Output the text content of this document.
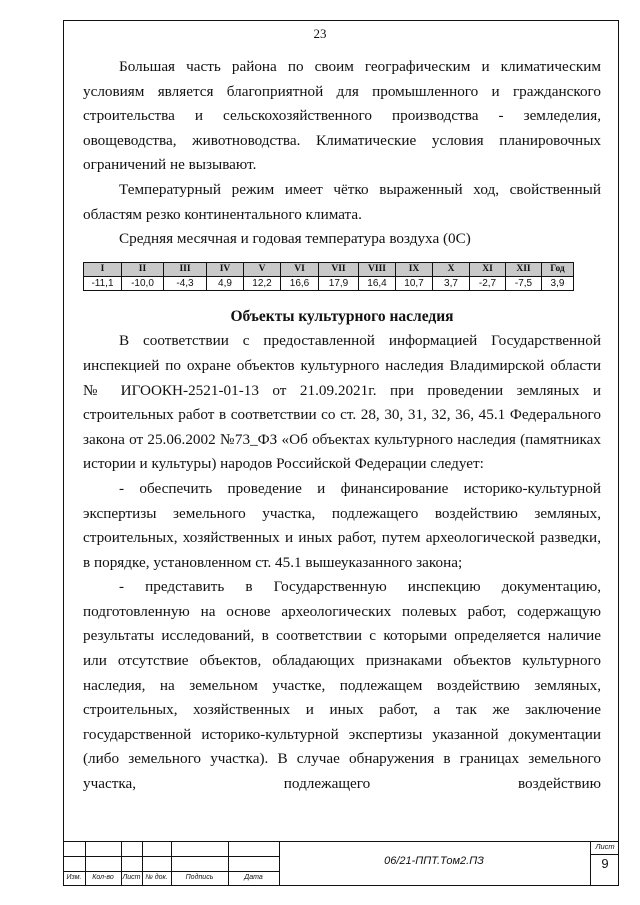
23

Большая часть района по своим географическим и климатическим условиям является благоприятной для промышленного и гражданского строительства и сельскохозяйственного производства - земледелия, овощеводства, животноводства. Климатические условия планировочных ограничений не вызывают.

Температурный режим имеет чётко выраженный ход, свойственный областям резко континентального климата.

Средняя месячная и годовая температура воздуха (0С)

I	II	III	IV	V	VI	VII	VIII	IX	X	XI	XII	Год
-11,1	-10,0	-4,3	4,9	12,2	16,6	17,9	16,4	10,7	3,7	-2,7	-7,5	3,9

Объекты культурного наследия

В соответствии с предоставленной информацией Государственной инспекцией по охране объектов культурного наследия Владимирской области № ИГООКН-2521-01-13 от 21.09.2021г. при проведении земляных и строительных работ в соответствии со ст. 28, 30, 31, 32, 36, 45.1 Федерального закона от 25.06.2002 №73_ФЗ «Об объектах культурного наследия (памятниках истории и культуры) народов Российской Федерации следует:

- обеспечить проведение и финансирование историко-культурной экспертизы земельного участка, подлежащего воздействию земляных, строительных, хозяйственных и иных работ, путем археологической разведки, в порядке, установленном ст. 45.1 вышеуказанного закона;

- представить в Государственную инспекцию документацию, подготовленную на основе археологических полевых работ, содержащую результаты исследований, в соответствии с которыми определяется наличие или отсутствие объектов, обладающих признаками объектов культурного наследия, на земельном участке, подлежащем воздействию земляных, строительных, хозяйственных и иных работ, а так же заключение государственной историко-культурной экспертизы указанной документации (либо земельного участка). В случае обнаружения в границах земельного участка, подлежащего воздействию

Изм.	Кол-во	Лист № док.	Подпись	Дата
06/21-ППТ.Том2.ПЗ
Лист
9
